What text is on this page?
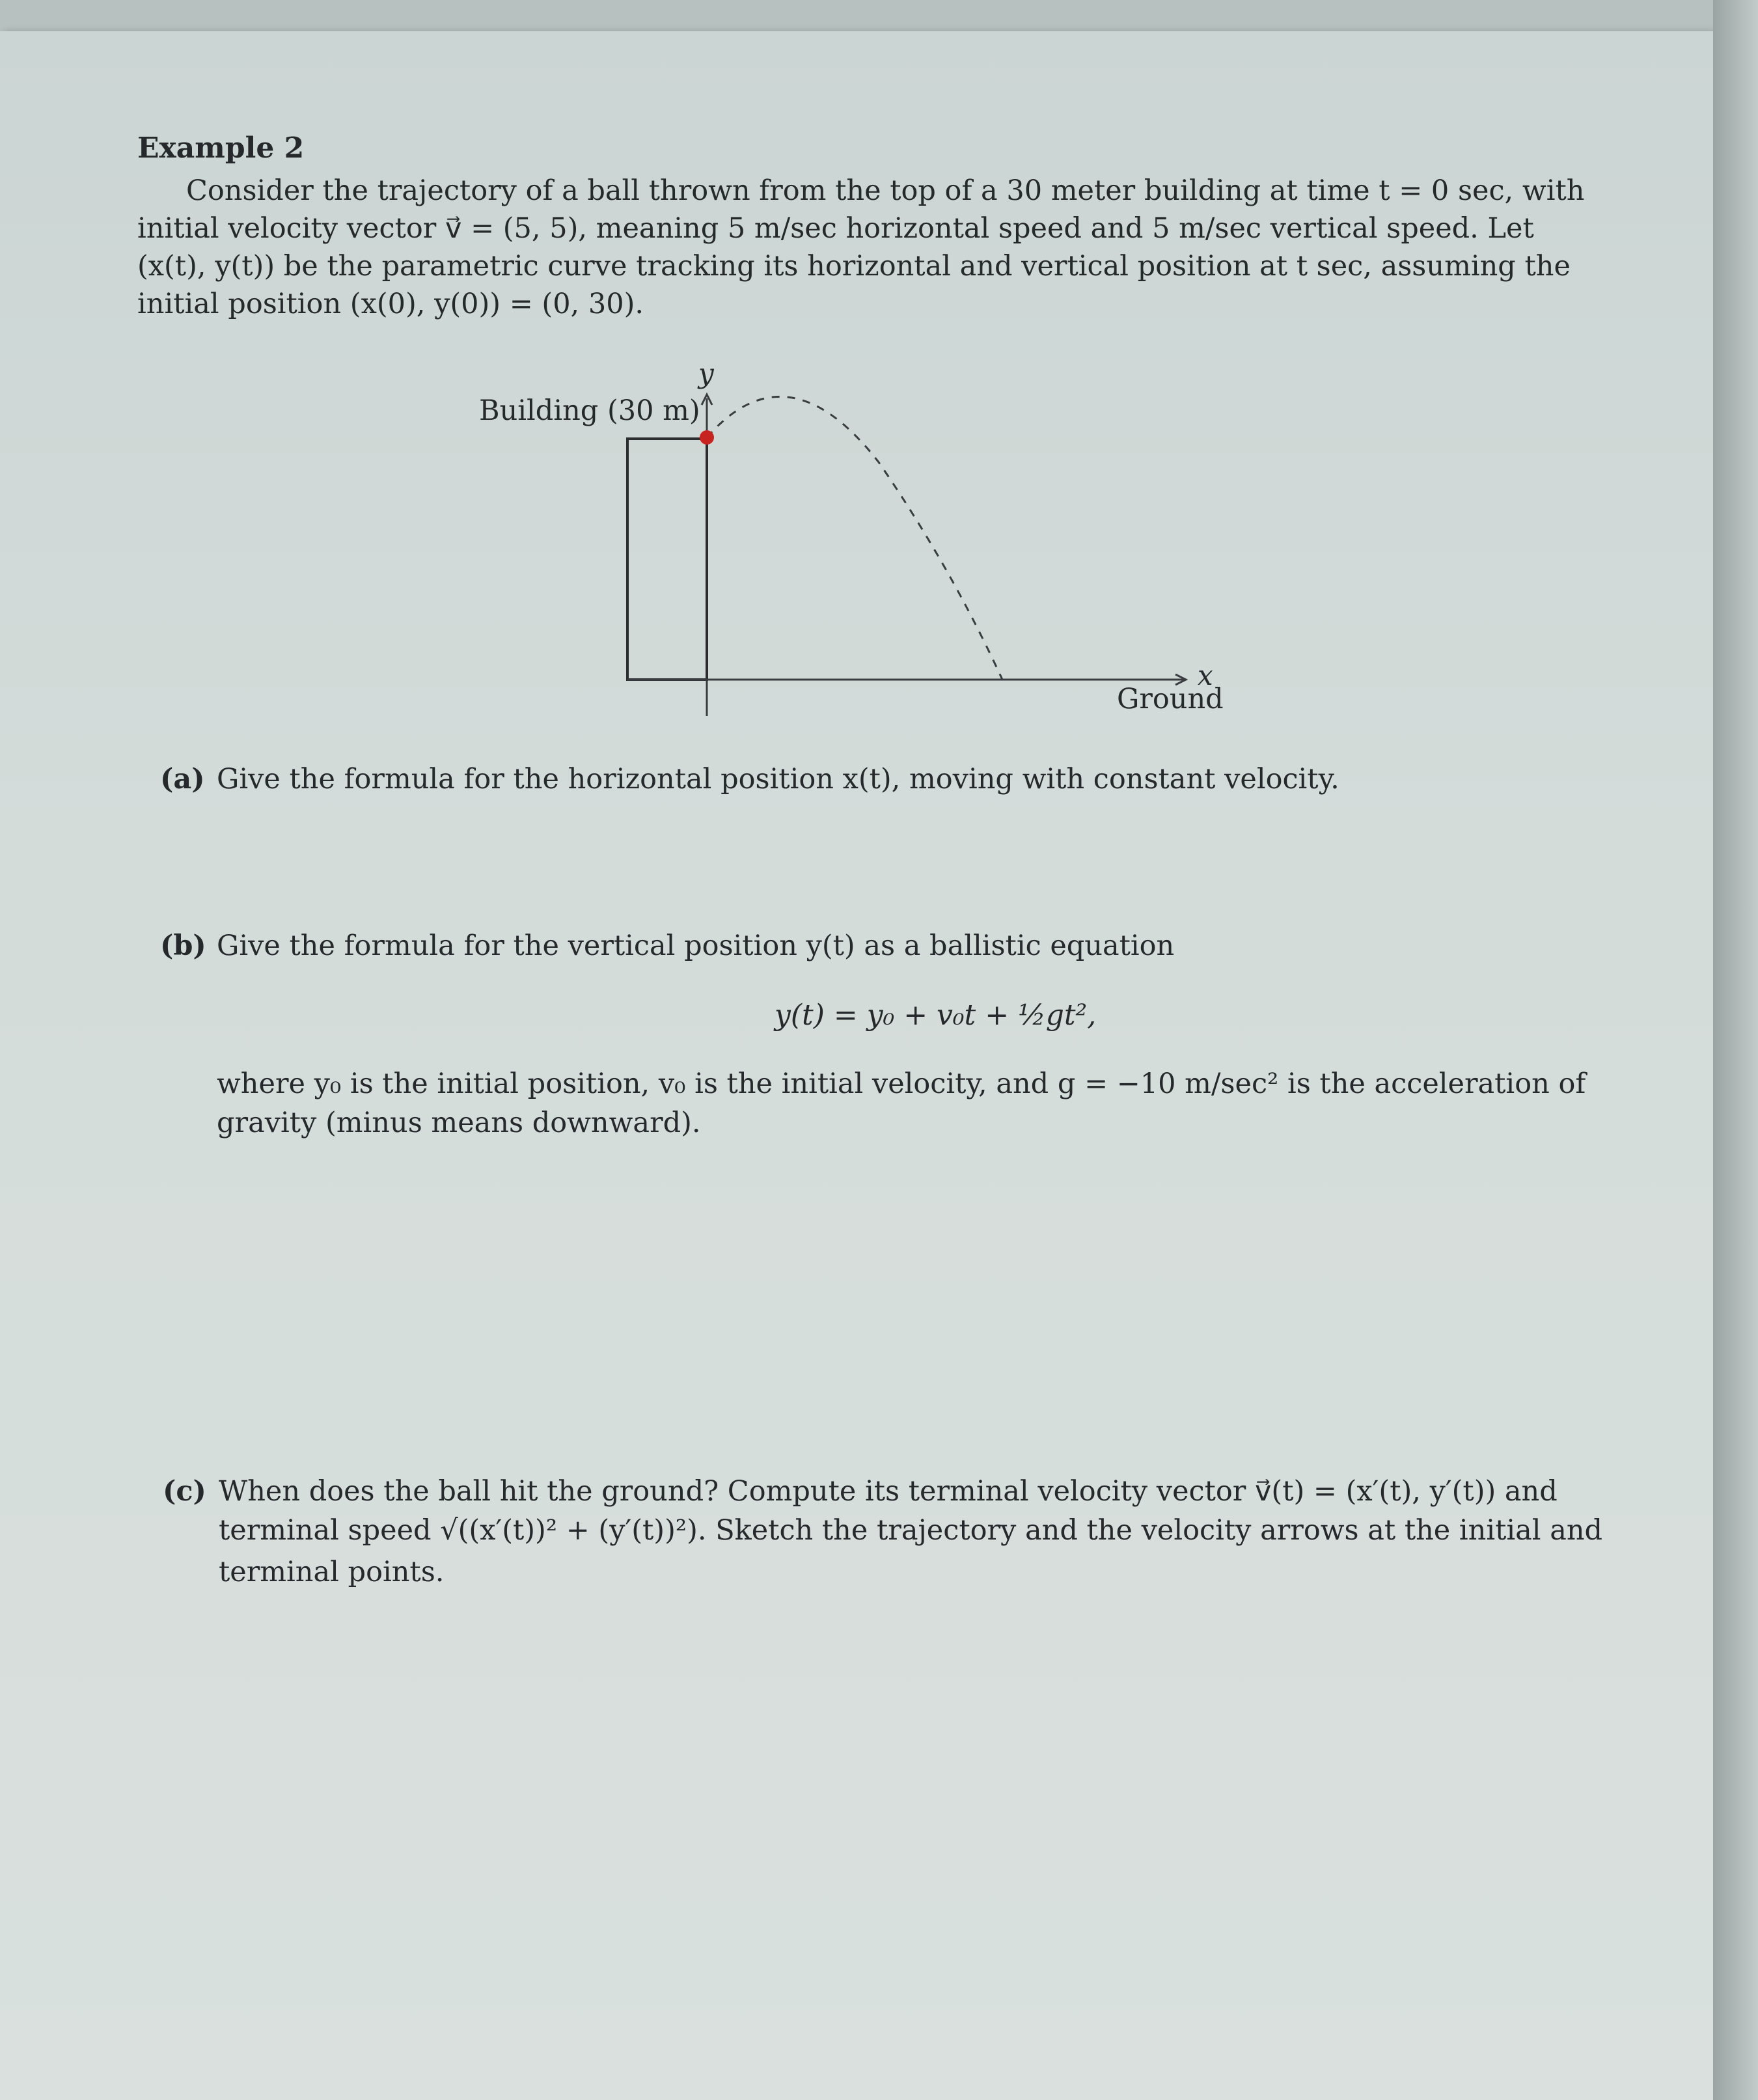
Example 2
Consider the trajectory of a ball thrown from the top of a 30 meter building at time t = 0 sec, with
initial velocity vector v⃗ = (5, 5), meaning 5 m/sec horizontal speed and 5 m/sec vertical speed. Let
(x(t), y(t)) be the parametric curve tracking its horizontal and vertical position at t sec, assuming the
initial position (x(0), y(0)) = (0, 30).
y
Building (30 m)
x
Ground
(a) Give the formula for the horizontal position x(t), moving with constant velocity.
(b) Give the formula for the vertical position y(t) as a ballistic equation
y(t) = y₀ + v₀t + ½gt²,
where y₀ is the initial position, v₀ is the initial velocity, and g = −10 m/sec² is the acceleration of
gravity (minus means downward).
(c) When does the ball hit the ground? Compute its terminal velocity vector v⃗(t) = (x′(t), y′(t)) and
terminal speed √((x′(t))² + (y′(t))²). Sketch the trajectory and the velocity arrows at the initial and
terminal points.
